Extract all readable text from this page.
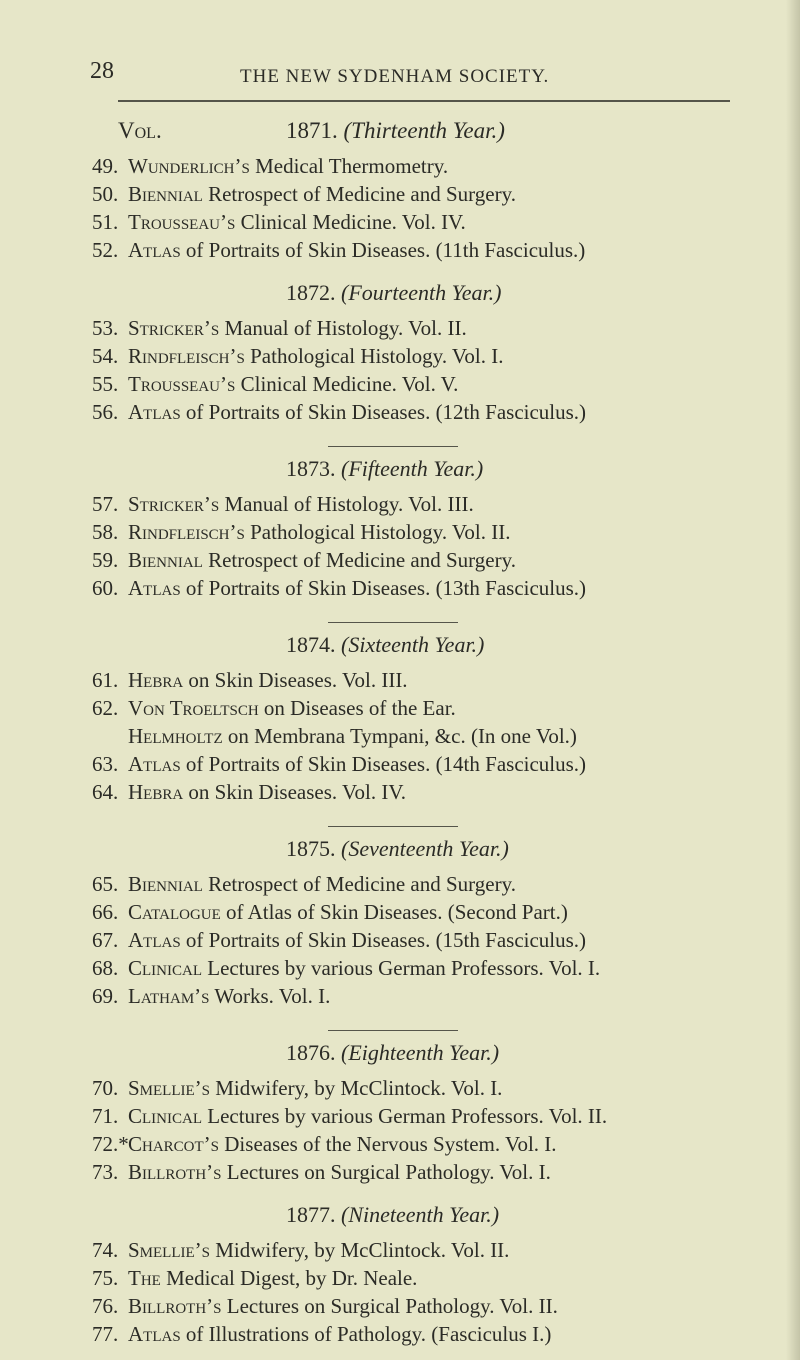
28	THE NEW SYDENHAM SOCIETY.
Vol.	1871. (Thirteenth Year.)
49. Wunderlich’s Medical Thermometry.
50. Biennial Retrospect of Medicine and Surgery.
51. Trousseau’s Clinical Medicine. Vol. IV.
52. Atlas of Portraits of Skin Diseases. (11th Fasciculus.)
1872. (Fourteenth Year.)
53. Stricker’s Manual of Histology. Vol. II.
54. Rindfleisch’s Pathological Histology. Vol. I.
55. Trousseau’s Clinical Medicine. Vol. V.
56. Atlas of Portraits of Skin Diseases. (12th Fasciculus.)
1873. (Fifteenth Year.)
57. Stricker’s Manual of Histology. Vol. III.
58. Rindfleisch’s Pathological Histology. Vol. II.
59. Biennial Retrospect of Medicine and Surgery.
60. Atlas of Portraits of Skin Diseases. (13th Fasciculus.)
1874. (Sixteenth Year.)
61. Hebra on Skin Diseases. Vol. III.
62. Von Troeltsch on Diseases of the Ear.
Helmholtz on Membrana Tympani, &c. (In one Vol.)
63. Atlas of Portraits of Skin Diseases. (14th Fasciculus.)
64. Hebra on Skin Diseases. Vol. IV.
1875. (Seventeenth Year.)
65. Biennial Retrospect of Medicine and Surgery.
66. Catalogue of Atlas of Skin Diseases. (Second Part.)
67. Atlas of Portraits of Skin Diseases. (15th Fasciculus.)
68. Clinical Lectures by various German Professors. Vol. I.
69. Latham’s Works. Vol. I.
1876. (Eighteenth Year.)
70. Smellie’s Midwifery, by McClintock. Vol. I.
71. Clinical Lectures by various German Professors. Vol. II.
72.*Charcot’s Diseases of the Nervous System. Vol. I.
73. Billroth’s Lectures on Surgical Pathology. Vol. I.
1877. (Nineteenth Year.)
74. Smellie’s Midwifery, by McClintock. Vol. II.
75. The Medical Digest, by Dr. Neale.
76. Billroth’s Lectures on Surgical Pathology. Vol. II.
77. Atlas of Illustrations of Pathology. (Fasciculus I.)
